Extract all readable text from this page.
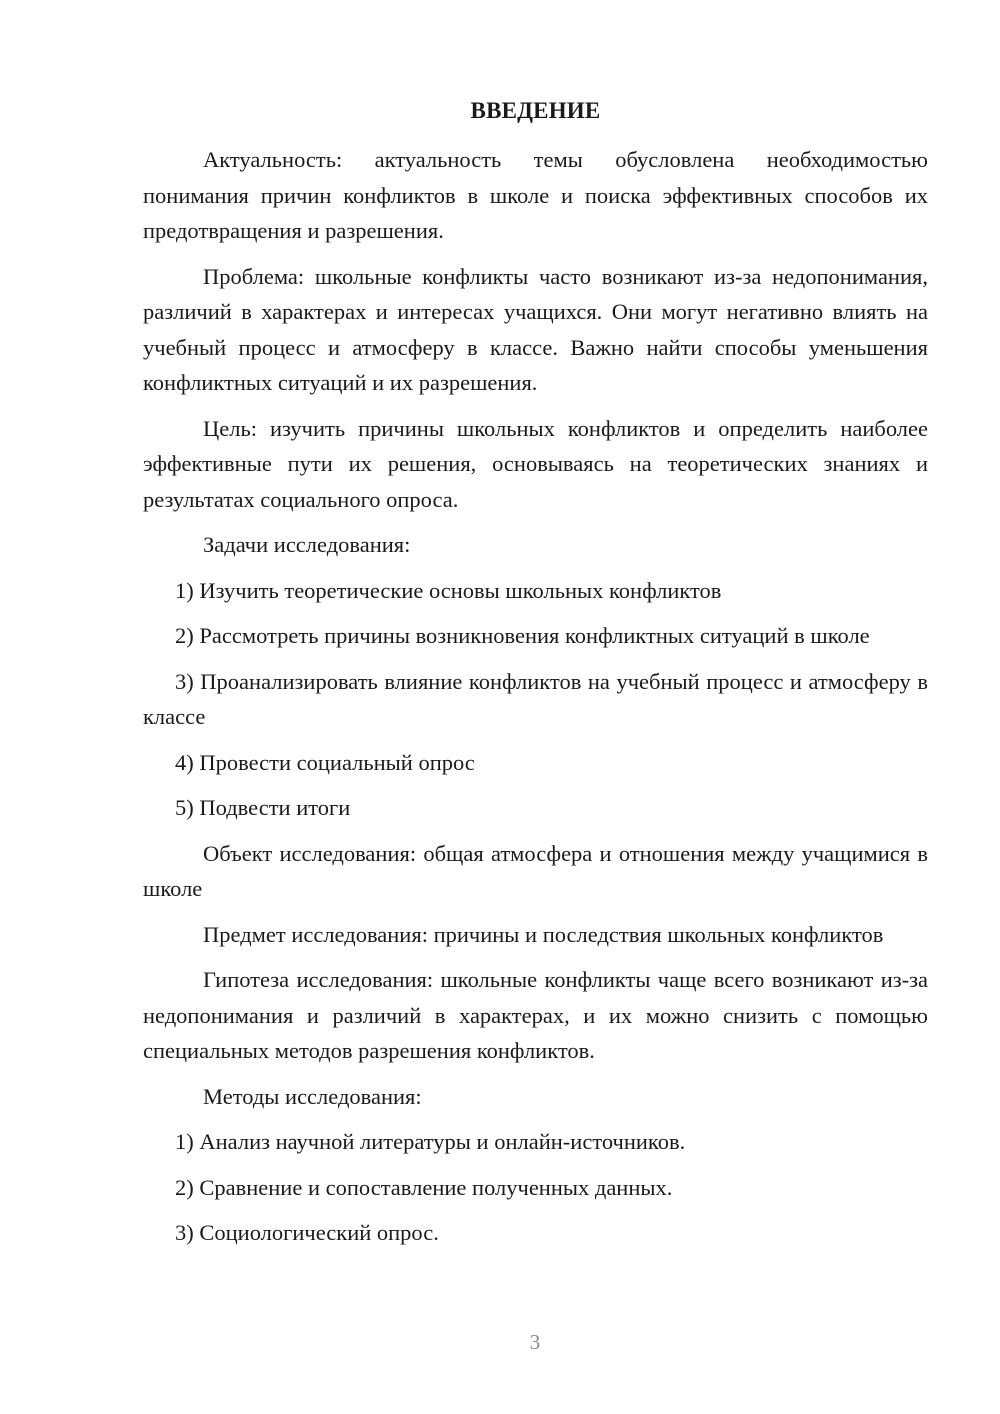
ВВЕДЕНИЕ

Актуальность: актуальность темы обусловлена необходимостью понимания причин конфликтов в школе и поиска эффективных способов их предотвращения и разрешения.

Проблема: школьные конфликты часто возникают из-за недопонимания, различий в характерах и интересах учащихся. Они могут негативно влиять на учебный процесс и атмосферу в классе. Важно найти способы уменьшения конфликтных ситуаций и их разрешения.

Цель: изучить причины школьных конфликтов и определить наиболее эффективные пути их решения, основываясь на теоретических знаниях и результатах социального опроса.

Задачи исследования:

1) Изучить теоретические основы школьных конфликтов

2) Рассмотреть причины возникновения конфликтных ситуаций в школе

3) Проанализировать влияние конфликтов на учебный процесс и атмосферу в классе

4) Провести социальный опрос

5) Подвести итоги

Объект исследования: общая атмосфера и отношения между учащимися в школе

Предмет исследования: причины и последствия школьных конфликтов

Гипотеза исследования: школьные конфликты чаще всего возникают из-за недопонимания и различий в характерах, и их можно снизить с помощью специальных методов разрешения конфликтов.

Методы исследования:

1) Анализ научной литературы и онлайн-источников.

2) Сравнение и сопоставление полученных данных.

3) Социологический опрос.

3
